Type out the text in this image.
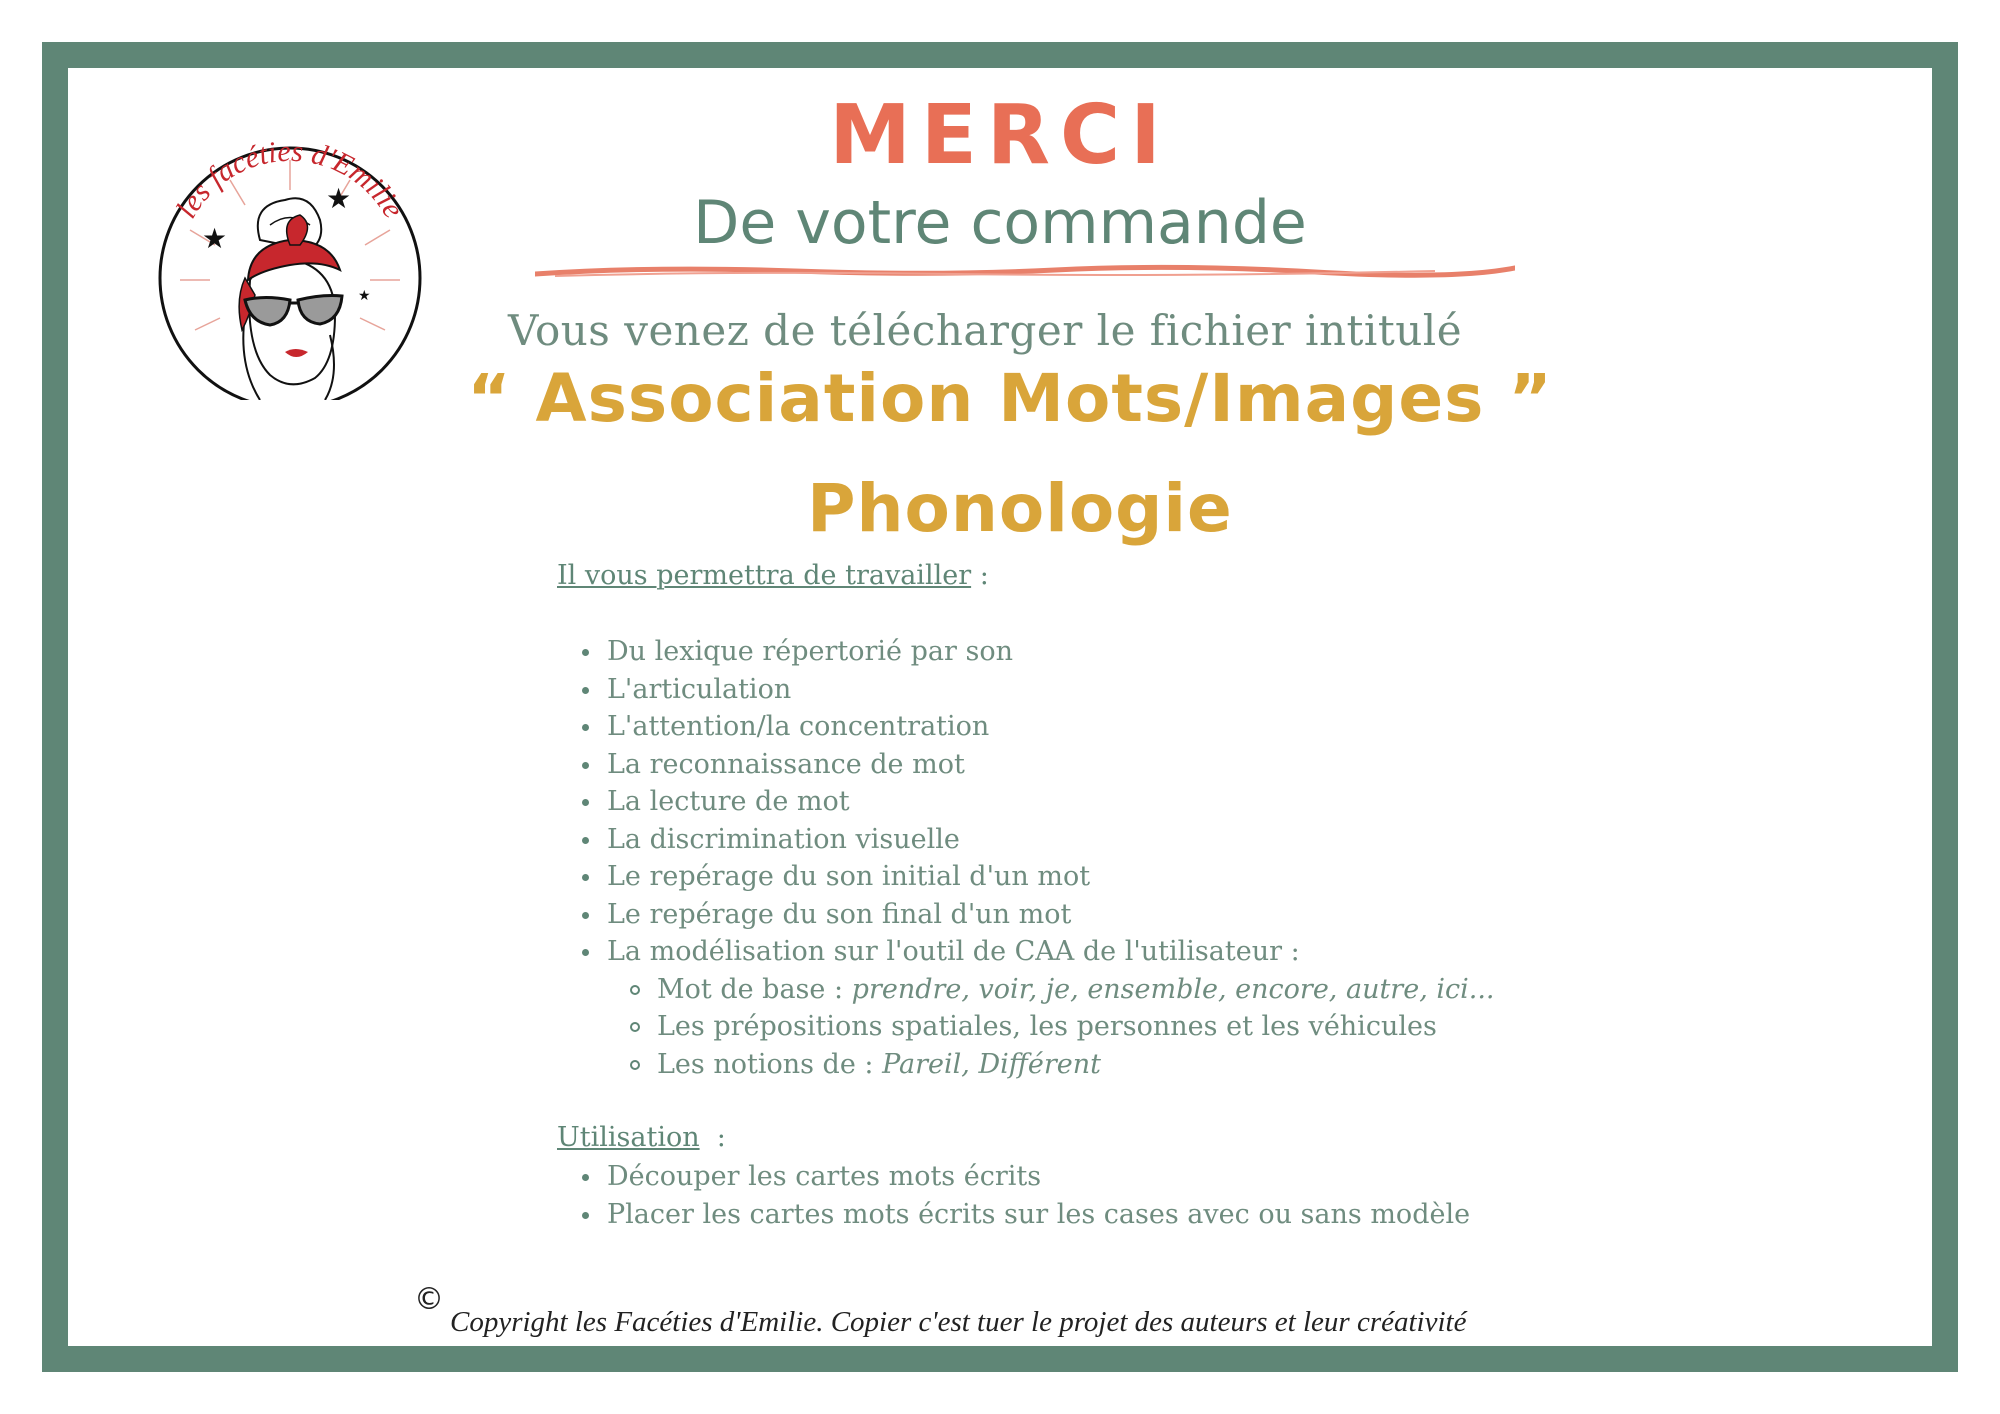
les facéties d'Emilie
★
★
★
MERCI
De votre commande
Vous venez de télécharger le fichier intitulé
“ Association Mots/Images ”
Phonologie
Il vous permettra de travailler :
Du lexique répertorié par son
L'articulation
L'attention/la concentration
La reconnaissance de mot
La lecture de mot
La discrimination visuelle
Le repérage du son initial d'un mot
Le repérage du son final d'un mot
La modélisation sur l'outil de CAA de l'utilisateur :
Mot de base : prendre, voir, je, ensemble, encore, autre, ici...
Les prépositions spatiales, les personnes et les véhicules
Les notions de : Pareil, Différent
Utilisation  :
Découper les cartes mots écrits
Placer les cartes mots écrits sur les cases avec ou sans modèle
©
Copyright les Facéties d'Emilie. Copier c'est tuer le projet des auteurs et leur créativité
